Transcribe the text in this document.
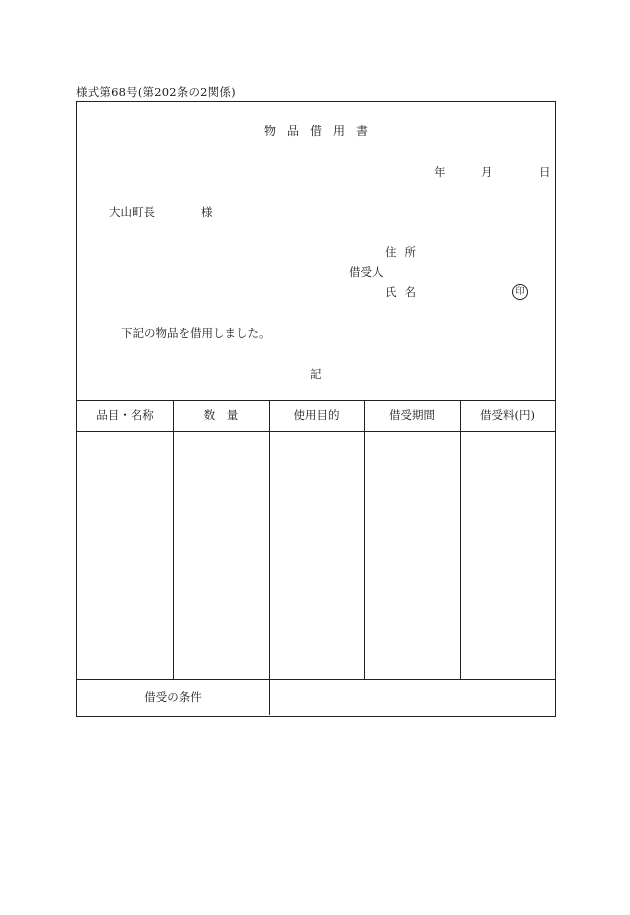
様式第68号(第202条の2関係)
物品借用書
年	月	日
大山町長	様
住所
借受人
氏名	印
下記の物品を借用しました。
記
品目・名称	数　量	使用目的	借受期間	借受料(円)
借受の条件
